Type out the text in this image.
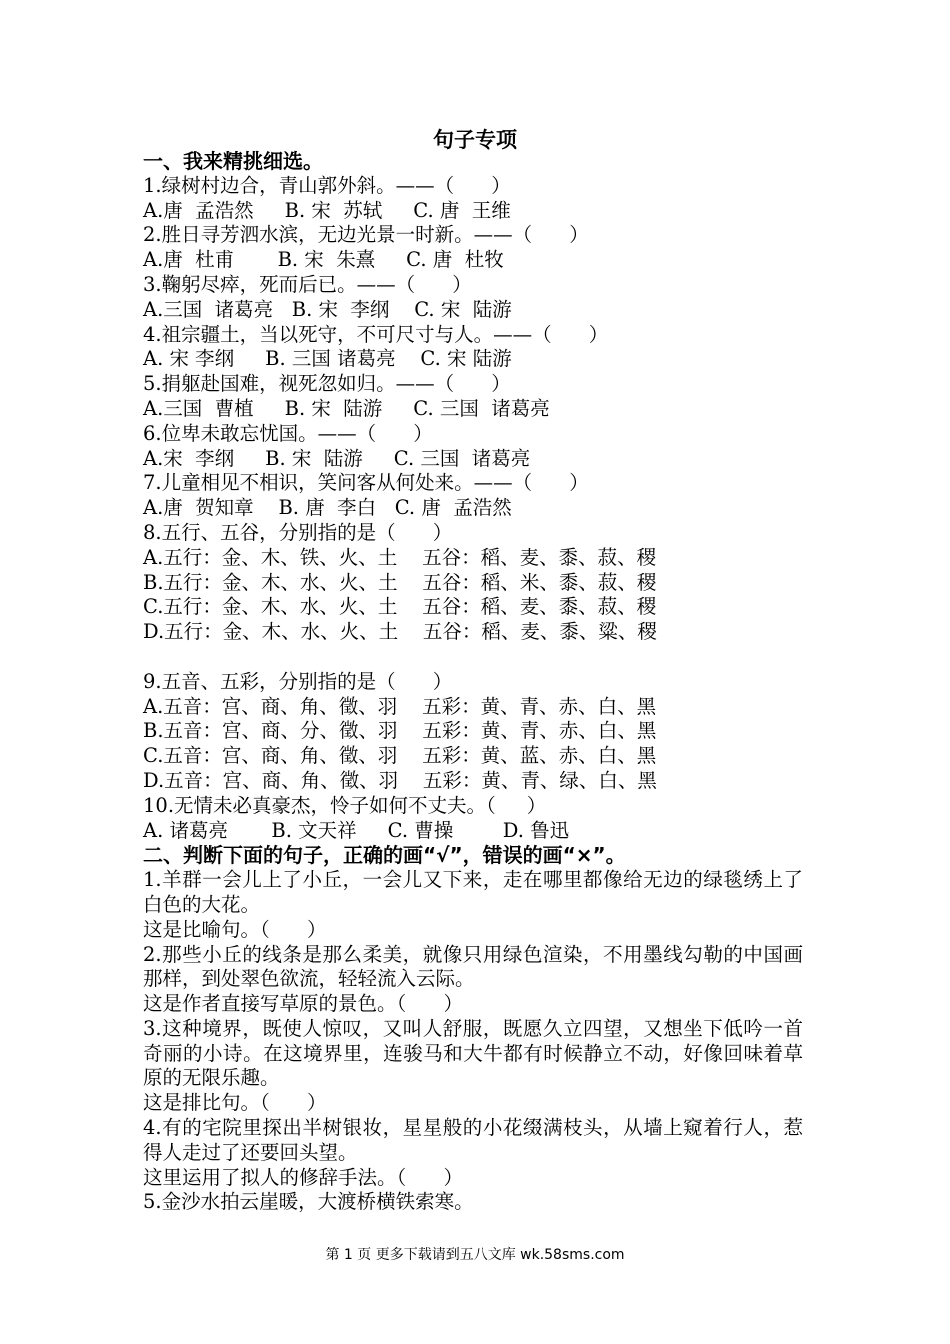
句子专项
一、我来精挑细选。
1.绿树村边合，青山郭外斜。——（      ）
A.唐  孟浩然     B. 宋  苏轼     C. 唐  王维
2.胜日寻芳泗水滨，无边光景一时新。——（      ）
A.唐  杜甫       B. 宋  朱熹     C. 唐  杜牧
3.鞠躬尽瘁，死而后已。——（      ）
A.三国  诸葛亮   B. 宋  李纲    C. 宋  陆游
4.祖宗疆土，当以死守，不可尺寸与人。——（      ）
A. 宋 李纲     B. 三国 诸葛亮    C. 宋 陆游
5.捐躯赴国难，视死忽如归。——（      ）
A.三国  曹植     B. 宋  陆游     C. 三国  诸葛亮
6.位卑未敢忘忧国。——（      ）
A.宋  李纲     B. 宋  陆游     C. 三国  诸葛亮
7.儿童相见不相识，笑问客从何处来。——（      ）
A.唐  贺知章    B. 唐  李白   C. 唐  孟浩然
8.五行、五谷，分别指的是（      ）
A.五行：金、木、铁、火、土    五谷：稻、麦、黍、菽、稷
B.五行：金、木、水、火、土    五谷：稻、米、黍、菽、稷
C.五行：金、木、水、火、土    五谷：稻、麦、黍、菽、稷
D.五行：金、木、水、火、土    五谷：稻、麦、黍、粱、稷
9.五音、五彩，分别指的是（      ）
A.五音：宫、商、角、徵、羽    五彩：黄、青、赤、白、黑
B.五音：宫、商、分、徵、羽    五彩：黄、青、赤、白、黑
C.五音：宫、商、角、徵、羽    五彩：黄、蓝、赤、白、黑
D.五音：宫、商、角、徵、羽    五彩：黄、青、绿、白、黑
10.无情未必真豪杰，怜子如何不丈夫。（     ）
A. 诸葛亮       B. 文天祥     C. 曹操        D. 鲁迅
二、判断下面的句子，正确的画“√”，错误的画“×”。
1.羊群一会儿上了小丘，一会儿又下来，走在哪里都像给无边的绿毯绣上了白色的大花。
这是比喻句。（      ）
2.那些小丘的线条是那么柔美，就像只用绿色渲染，不用墨线勾勒的中国画那样，到处翠色欲流，轻轻流入云际。
这是作者直接写草原的景色。（      ）
3.这种境界，既使人惊叹，又叫人舒服，既愿久立四望，又想坐下低吟一首奇丽的小诗。在这境界里，连骏马和大牛都有时候静立不动，好像回味着草原的无限乐趣。
这是排比句。（      ）
4.有的宅院里探出半树银妆，星星般的小花缀满枝头，从墙上窥着行人，惹得人走过了还要回头望。
这里运用了拟人的修辞手法。（      ）
5.金沙水拍云崖暖，大渡桥横铁索寒。
第 1 页 更多下载请到五八文库 wk.58sms.com
